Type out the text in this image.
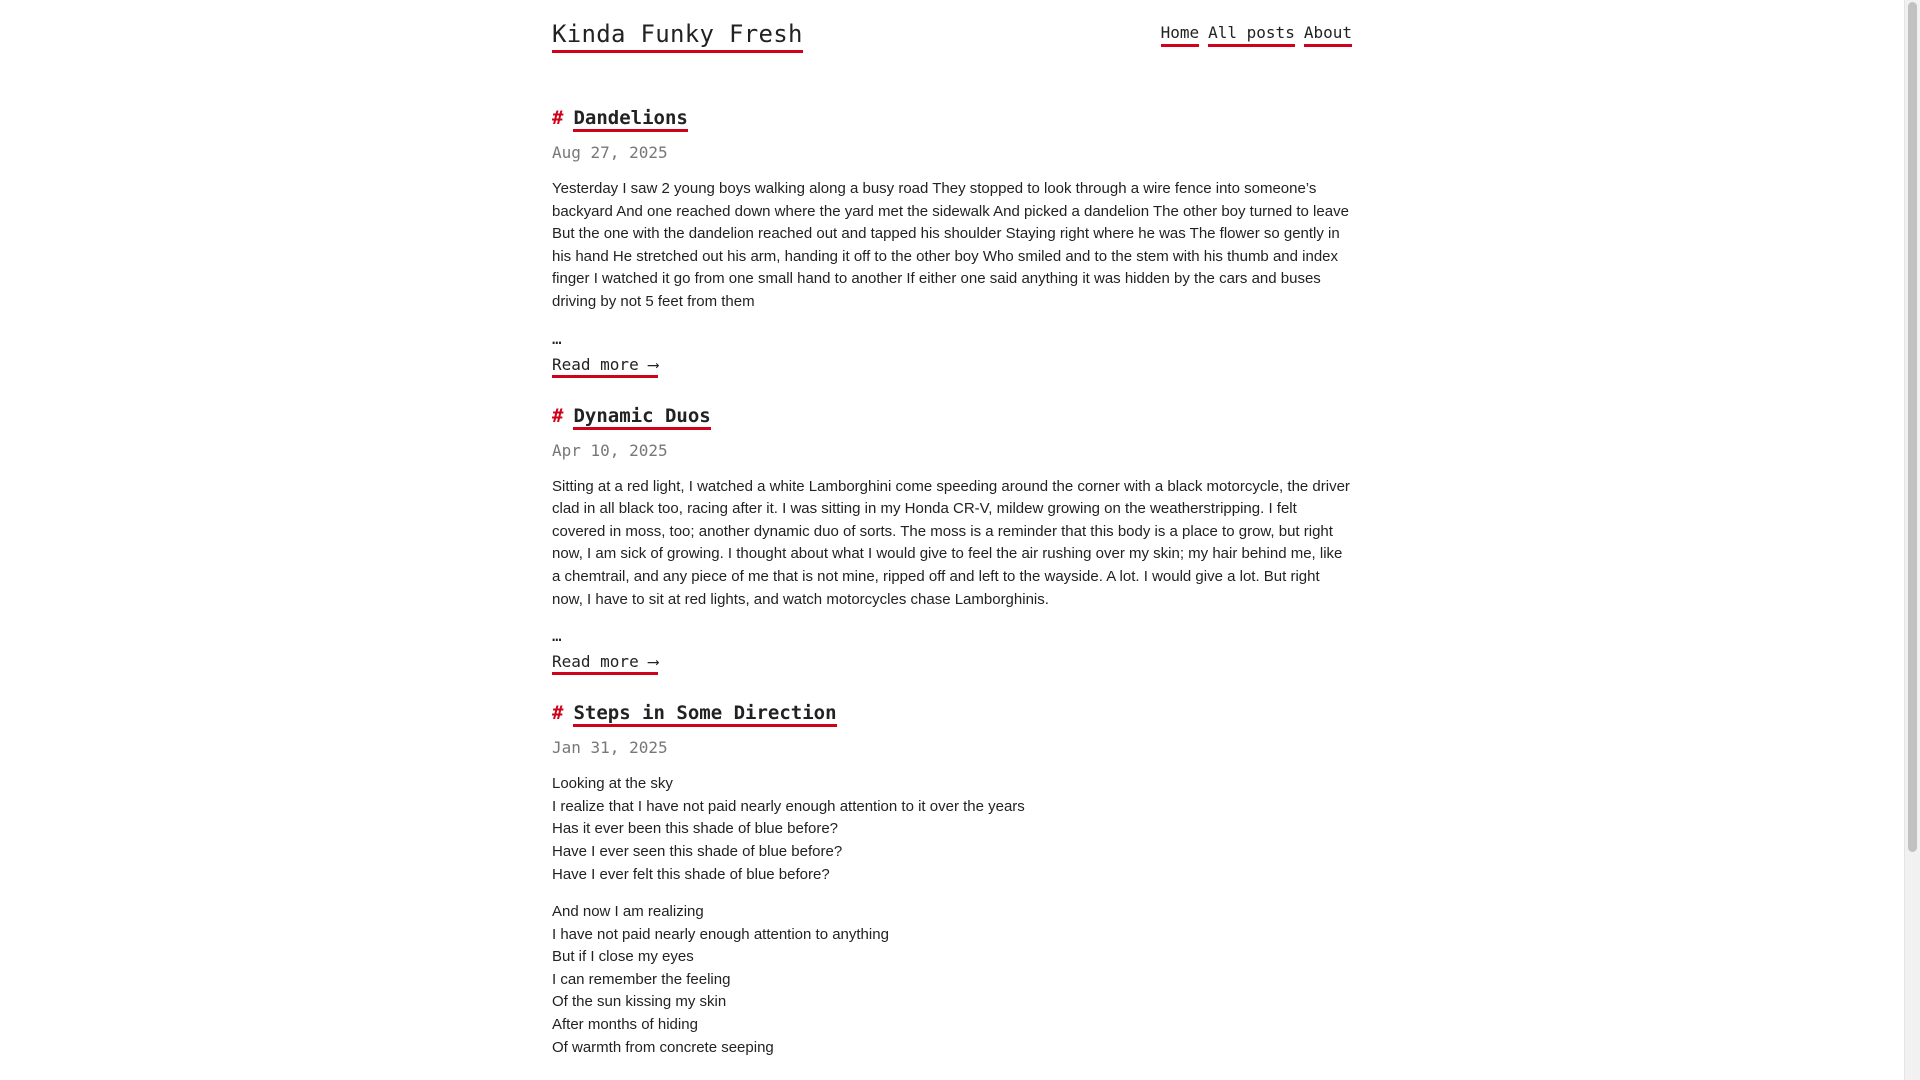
Kinda Funky Fresh	Home All posts About
# Dandelions
Aug 27, 2025

Yesterday I saw 2 young boys walking along a busy road They stopped to look through a wire fence into someone’s backyard And one reached down where the yard met the sidewalk And picked a dandelion The other boy turned to leave But the one with the dandelion reached out and tapped his shoulder Staying right where he was The flower so gently in his hand He stretched out his arm, handing it off to the other boy Who smiled and to the stem with his thumb and index finger I watched it go from one small hand to another If either one said anything it was hidden by the cars and buses driving by not 5 feet from them

…
Read more ⟶
# Dynamic Duos
Apr 10, 2025

Sitting at a red light, I watched a white Lamborghini come speeding around the corner with a black motorcycle, the driver clad in all black too, racing after it. I was sitting in my Honda CR-V, mildew growing on the weatherstripping. I felt covered in moss, too; another dynamic duo of sorts. The moss is a reminder that this body is a place to grow, but right now, I am sick of growing. I thought about what I would give to feel the air rushing over my skin; my hair behind me, like a chemtrail, and any piece of me that is not mine, ripped off and left to the wayside. A lot. I would give a lot. But right now, I have to sit at red lights, and watch motorcycles chase Lamborghinis.

…
Read more ⟶
# Steps in Some Direction
Jan 31, 2025

Looking at the sky
I realize that I have not paid nearly enough attention to it over the years
Has it ever been this shade of blue before?
Have I ever seen this shade of blue before?
Have I ever felt this shade of blue before?

And now I am realizing
I have not paid nearly enough attention to anything
But if I close my eyes
I can remember the feeling
Of the sun kissing my skin
After months of hiding
Of warmth from concrete seeping
